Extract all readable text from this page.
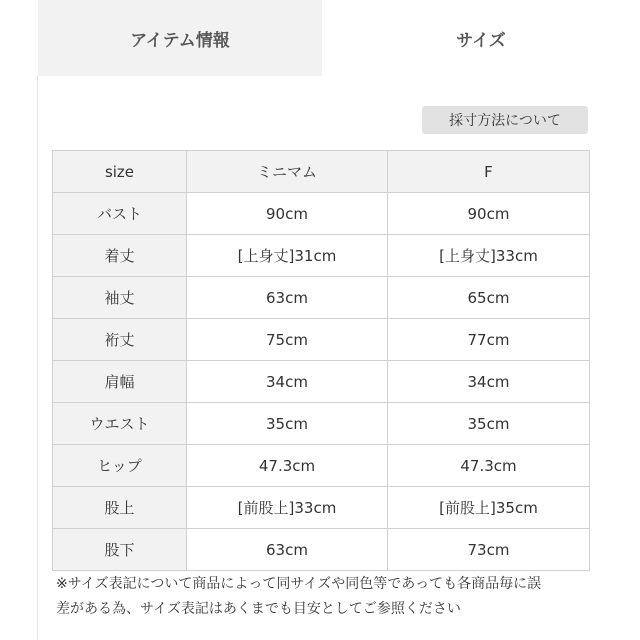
アイテム情報	サイズ
採寸方法について
size	ミニマム	F
バスト	90cm	90cm
着丈	[上身丈]31cm	[上身丈]33cm
袖丈	63cm	65cm
裄丈	75cm	77cm
肩幅	34cm	34cm
ウエスト	35cm	35cm
ヒップ	47.3cm	47.3cm
股上	[前股上]33cm	[前股上]35cm
股下	63cm	73cm
※サイズ表記について商品によって同サイズや同色等であっても各商品毎に誤
差がある為、サイズ表記はあくまでも目安としてご参照ください
